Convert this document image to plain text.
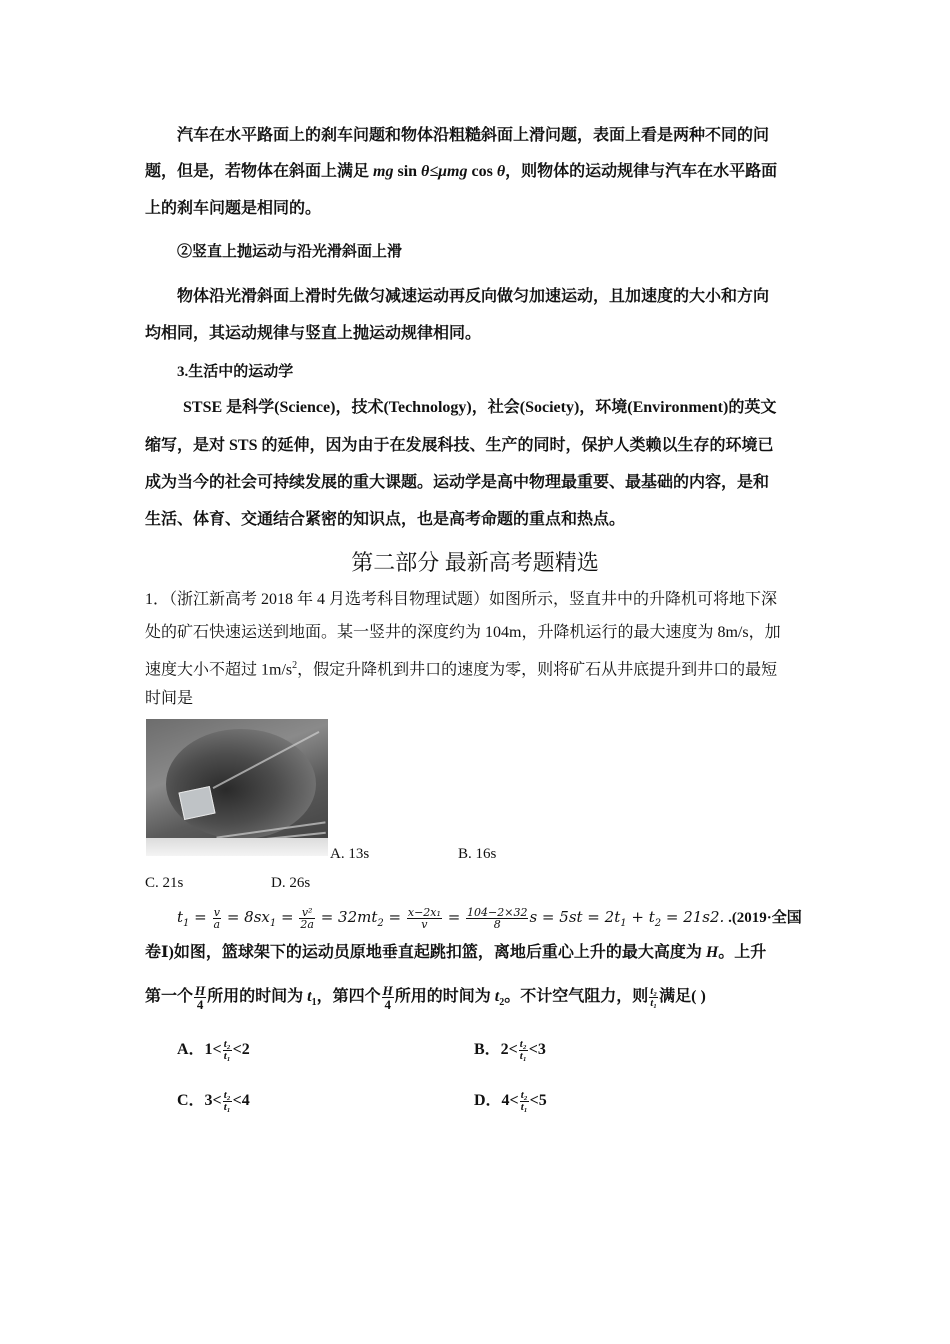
汽车在水平路面上的刹车问题和物体沿粗糙斜面上滑问题，表面上看是两种不同的问
题，但是，若物体在斜面上满足 mg sin θ≤μmg cos θ，则物体的运动规律与汽车在水平路面
上的刹车问题是相同的。
②竖直上抛运动与沿光滑斜面上滑
物体沿光滑斜面上滑时先做匀减速运动再反向做匀加速运动，且加速度的大小和方向
均相同，其运动规律与竖直上抛运动规律相同。
3.生活中的运动学
STSE 是科学(Science)，技术(Technology)，社会(Society)，环境(Environment)的英文
缩写，是对 STS 的延伸，因为由于在发展科技、生产的同时，保护人类赖以生存的环境已
成为当今的社会可持续发展的重大课题。运动学是高中物理最重要、最基础的内容，是和
生活、体育、交通结合紧密的知识点，也是高考命题的重点和热点。
第二部分 最新高考题精选
1．（浙江新高考 2018 年 4 月选考科目物理试题）如图所示，竖直井中的升降机可将地下深
处的矿石快速运送到地面。某一竖井的深度约为 104m，升降机运行的最大速度为 8m/s，加
速度大小不超过 $1m/s^2$，假定升降机到井口的速度为零，则将矿石从井底提升到井口的最短
时间是
A. 13s	B. 16s
C. 21s	D. 26s
$t_1 = \frac{v}{a} = 8sx_1 = \frac{\text{v²}}{2a} = 32mt_2 = \frac{\text{x−2x₁}}{v} = \frac{104-2\times 32}{8}$ $s = 5st = 2t_1 + t_2 = 21s2$. .(2019·全国
卷Ⅰ)如图，篮球架下的运动员原地垂直起跳扣篮，离地后重心上升的最大高度为 H。上升
第一个 $\frac{H}{4}$ 所用的时间为 $t_1$，第四个 $\frac{H}{4}$ 所用的时间为 $t_2$。不计空气阻力，则 $\frac{\text{t₂}}{\text{t₁}}$ 满足( )
A．$1< \frac{\text{t₂}}{\text{t₁}} <2$	B．$2< \frac{\text{t₂}}{\text{t₁}} <3$
C．$3< \frac{\text{t₂}}{\text{t₁}} <4$	D．$4< \frac{\text{t₂}}{\text{t₁}} <5$
